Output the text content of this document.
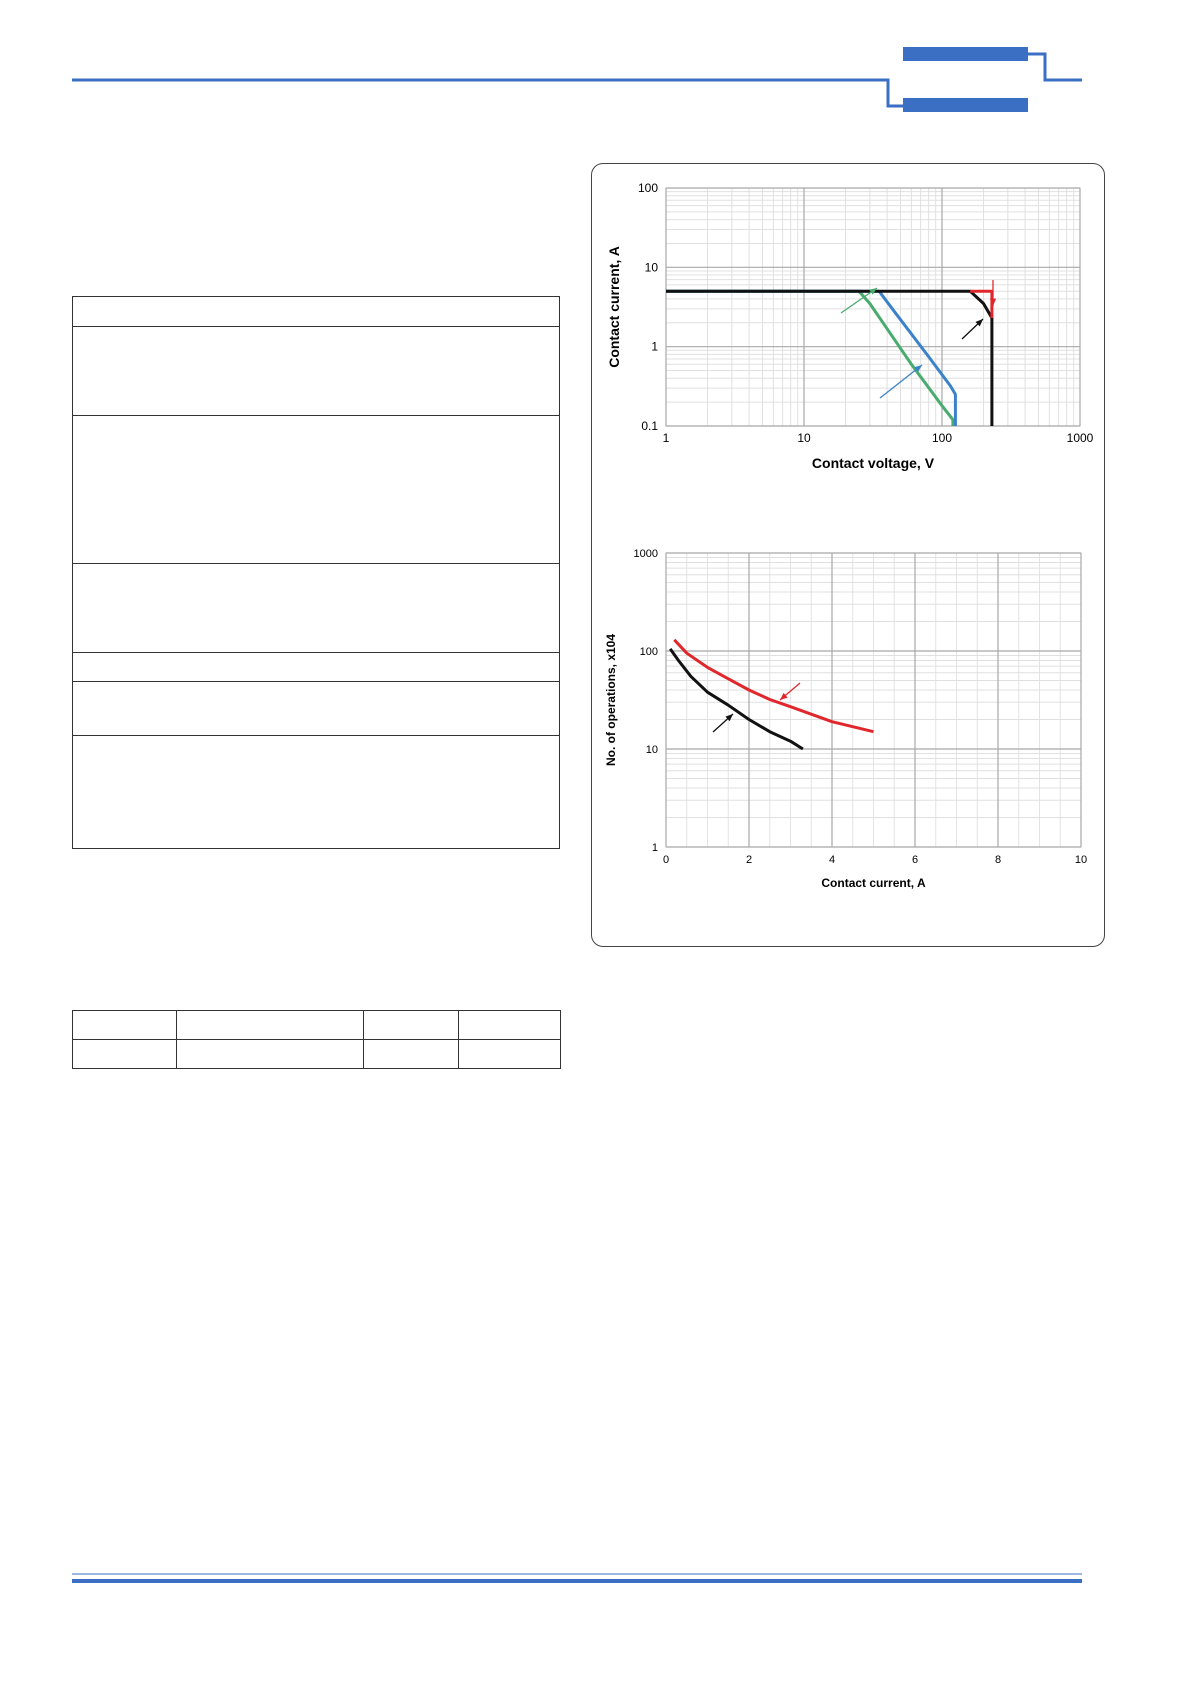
1	10	100	1000
0.1
1
10
100
Contact voltage, V
Contact current, A
0	2	4	6	8	10
1
10
100
1000
Contact current, A
No. of operations, x104
